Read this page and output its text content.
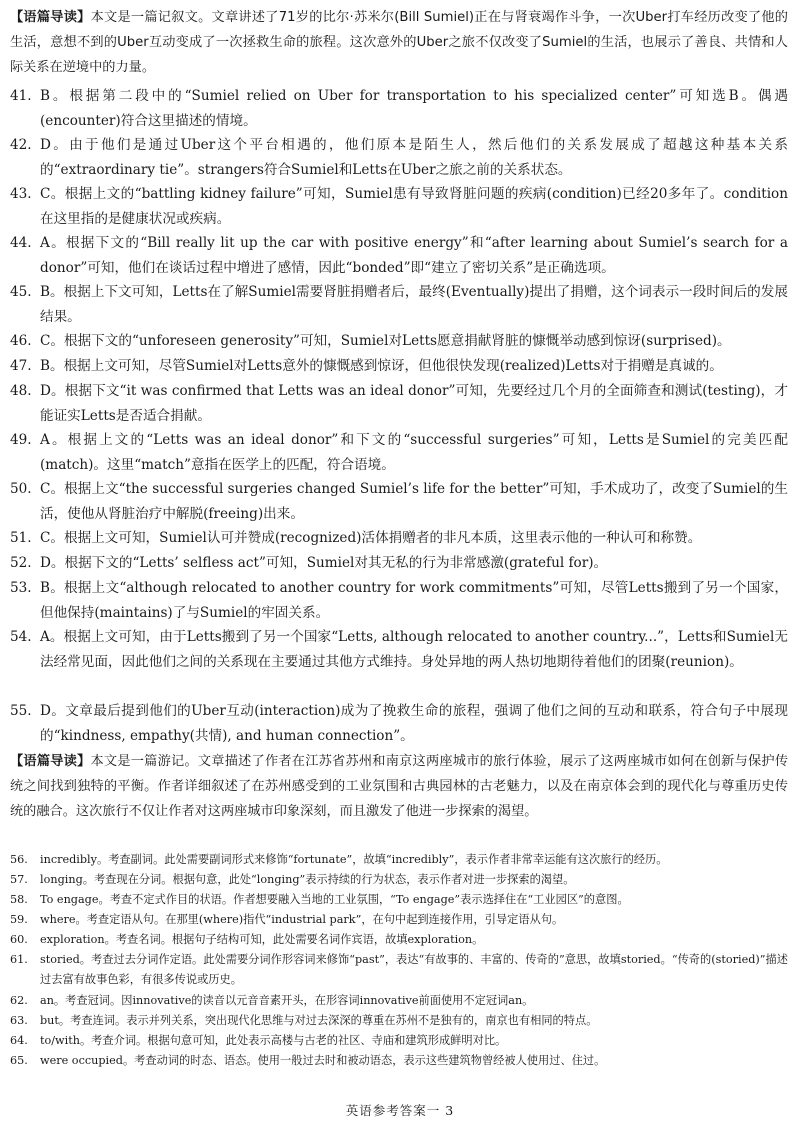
【语篇导读】本文是一篇记叙文。文章讲述了71岁的比尔·苏米尔(Bill Sumiel)正在与肾衰竭作斗争，一次Uber打车经历改变了他的生活，意想不到的Uber互动变成了一次拯救生命的旅程。这次意外的Uber之旅不仅改变了Sumiel的生活，也展示了善良、共情和人际关系在逆境中的力量。

41. B。根据第二段中的“Sumiel relied on Uber for transportation to his specialized center”可知选B。偶遇(encounter)符合这里描述的情境。

42. D。由于他们是通过Uber这个平台相遇的，他们原本是陌生人，然后他们的关系发展成了超越这种基本关系的“extraordinary tie”。strangers符合Sumiel和Letts在Uber之旅之前的关系状态。

43. C。根据上文的“battling kidney failure”可知，Sumiel患有导致肾脏问题的疾病(condition)已经20多年了。condition在这里指的是健康状况或疾病。

44. A。根据下文的“Bill really lit up the car with positive energy”和“after learning about Sumiel’s search for a donor”可知，他们在谈话过程中增进了感情，因此“bonded”即“建立了密切关系”是正确选项。

45. B。根据上下文可知，Letts在了解Sumiel需要肾脏捐赠者后，最终(Eventually)提出了捐赠，这个词表示一段时间后的发展结果。

46. C。根据下文的“unforeseen generosity”可知，Sumiel对Letts愿意捐献肾脏的慷慨举动感到惊讶(surprised)。

47. B。根据上文可知，尽管Sumiel对Letts意外的慷慨感到惊讶，但他很快发现(realized)Letts对于捐赠是真诚的。

48. D。根据下文“it was confirmed that Letts was an ideal donor”可知，先要经过几个月的全面筛查和测试(testing)，才能证实Letts是否适合捐献。

49. A。根据上文的“Letts was an ideal donor”和下文的“successful surgeries”可知，Letts是Sumiel的完美匹配(match)。这里“match”意指在医学上的匹配，符合语境。

50. C。根据上文“the successful surgeries changed Sumiel’s life for the better”可知，手术成功了，改变了Sumiel的生活，使他从肾脏治疗中解脱(freeing)出来。

51. C。根据上文可知，Sumiel认可并赞成(recognized)活体捐赠者的非凡本质，这里表示他的一种认可和称赞。

52. D。根据下文的“Letts’ selfless act”可知，Sumiel对其无私的行为非常感激(grateful for)。

53. B。根据上文“although relocated to another country for work commitments”可知，尽管Letts搬到了另一个国家，但他保持(maintains)了与Sumiel的牢固关系。

54. A。根据上文可知，由于Letts搬到了另一个国家“Letts, although relocated to another country...”，Letts和Sumiel无法经常见面，因此他们之间的关系现在主要通过其他方式维持。身处异地的两人热切地期待着他们的团聚(reunion)。

55. D。文章最后提到他们的Uber互动(interaction)成为了挽救生命的旅程，强调了他们之间的互动和联系，符合句子中展现的“kindness, empathy(共情), and human connection”。

【语篇导读】本文是一篇游记。文章描述了作者在江苏省苏州和南京这两座城市的旅行体验，展示了这两座城市如何在创新与保护传统之间找到独特的平衡。作者详细叙述了在苏州感受到的工业氛围和古典园林的古老魅力，以及在南京体会到的现代化与尊重历史传统的融合。这次旅行不仅让作者对这两座城市印象深刻，而且激发了他进一步探索的渴望。

56. incredibly。考查副词。此处需要副词形式来修饰“fortunate”，故填“incredibly”，表示作者非常幸运能有这次旅行的经历。

57. longing。考查现在分词。根据句意，此处“longing”表示持续的行为状态，表示作者对进一步探索的渴望。

58. To engage。考查不定式作目的状语。作者想要融入当地的工业氛围，“To engage”表示选择住在“工业园区”的意图。

59. where。考查定语从句。在那里(where)指代“industrial park”，在句中起到连接作用，引导定语从句。

60. exploration。考查名词。根据句子结构可知，此处需要名词作宾语，故填exploration。

61. storied。考查过去分词作定语。此处需要分词作形容词来修饰“past”，表达“有故事的、丰富的、传奇的”意思，故填storied。“传奇的(storied)”描述过去富有故事色彩，有很多传说或历史。

62. an。考查冠词。因innovative的读音以元音音素开头，在形容词innovative前面使用不定冠词an。

63. but。考查连词。表示并列关系，突出现代化思维与对过去深深的尊重在苏州不是独有的，南京也有相同的特点。

64. to/with。考查介词。根据句意可知，此处表示高楼与古老的社区、寺庙和建筑形成鲜明对比。

65. were occupied。考查动词的时态、语态。使用一般过去时和被动语态，表示这些建筑物曾经被人使用过、住过。

英语参考答案一 3
